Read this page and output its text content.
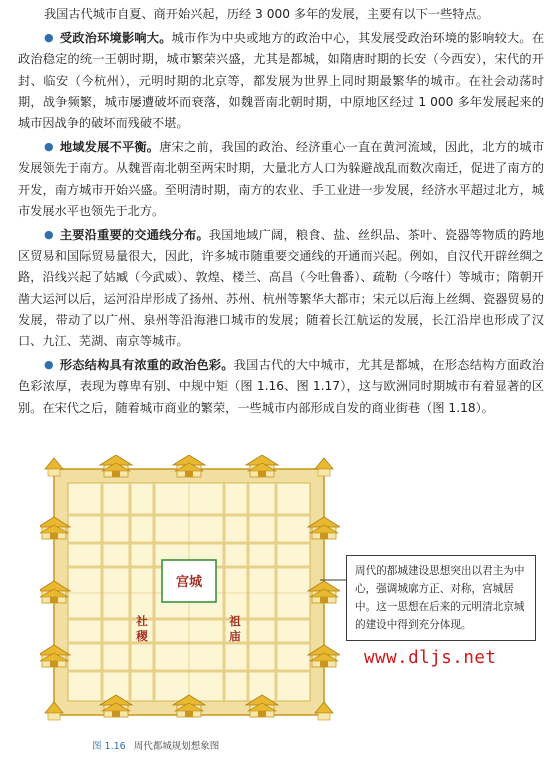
我国古代城市自夏、商开始兴起，历经 3 000 多年的发展，主要有以下一些特点。

● 受政治环境影响大。城市作为中央或地方的政治中心，其发展受政治环境的影响较大。在政治稳定的统一王朝时期，城市繁荣兴盛，尤其是都城，如隋唐时期的长安（今西安），宋代的开封、临安（今杭州），元明时期的北京等，都发展为世界上同时期最繁华的城市。在社会动荡时期，战争频繁，城市屡遭破坏而衰落，如魏晋南北朝时期，中原地区经过 1 000 多年发展起来的城市因战争的破坏而残破不堪。

● 地域发展不平衡。唐宋之前，我国的政治、经济重心一直在黄河流域，因此，北方的城市发展领先于南方。从魏晋南北朝至两宋时期，大量北方人口为躲避战乱而数次南迁，促进了南方的开发，南方城市开始兴盛。至明清时期，南方的农业、手工业进一步发展，经济水平超过北方，城市发展水平也领先于北方。

● 主要沿重要的交通线分布。我国地域广阔，粮食、盐、丝织品、茶叶、瓷器等物质的跨地区贸易和国际贸易量很大，因此，许多城市随重要交通线的开通而兴起。例如，自汉代开辟丝绸之路，沿线兴起了姑臧（今武威）、敦煌、楼兰、高昌（今吐鲁番）、疏勒（今喀什）等城市；隋朝开凿大运河以后，运河沿岸形成了扬州、苏州、杭州等繁华大都市；宋元以后海上丝绸、瓷器贸易的发展，带动了以广州、泉州等沿海港口城市的发展；随着长江航运的发展，长江沿岸也形成了汉口、九江、芜湖、南京等城市。

● 形态结构具有浓重的政治色彩。我国古代的大中城市，尤其是都城，在形态结构方面政治色彩浓厚，表现为尊卑有别、中规中矩（图 1.16、图 1.17），这与欧洲同时期城市有着显著的区别。在宋代之后，随着城市商业的繁荣，一些城市内部形成自发的商业街巷（图 1.18）。

宫城
社
稷
祖
庙
周代的都城建设思想突出以君主为中心，强调城廓方正、对称，宫城居中。这一思想在后来的元明清北京城的建设中得到充分体现。
www.dljs.net
图 1.16 周代都城规划想象图
